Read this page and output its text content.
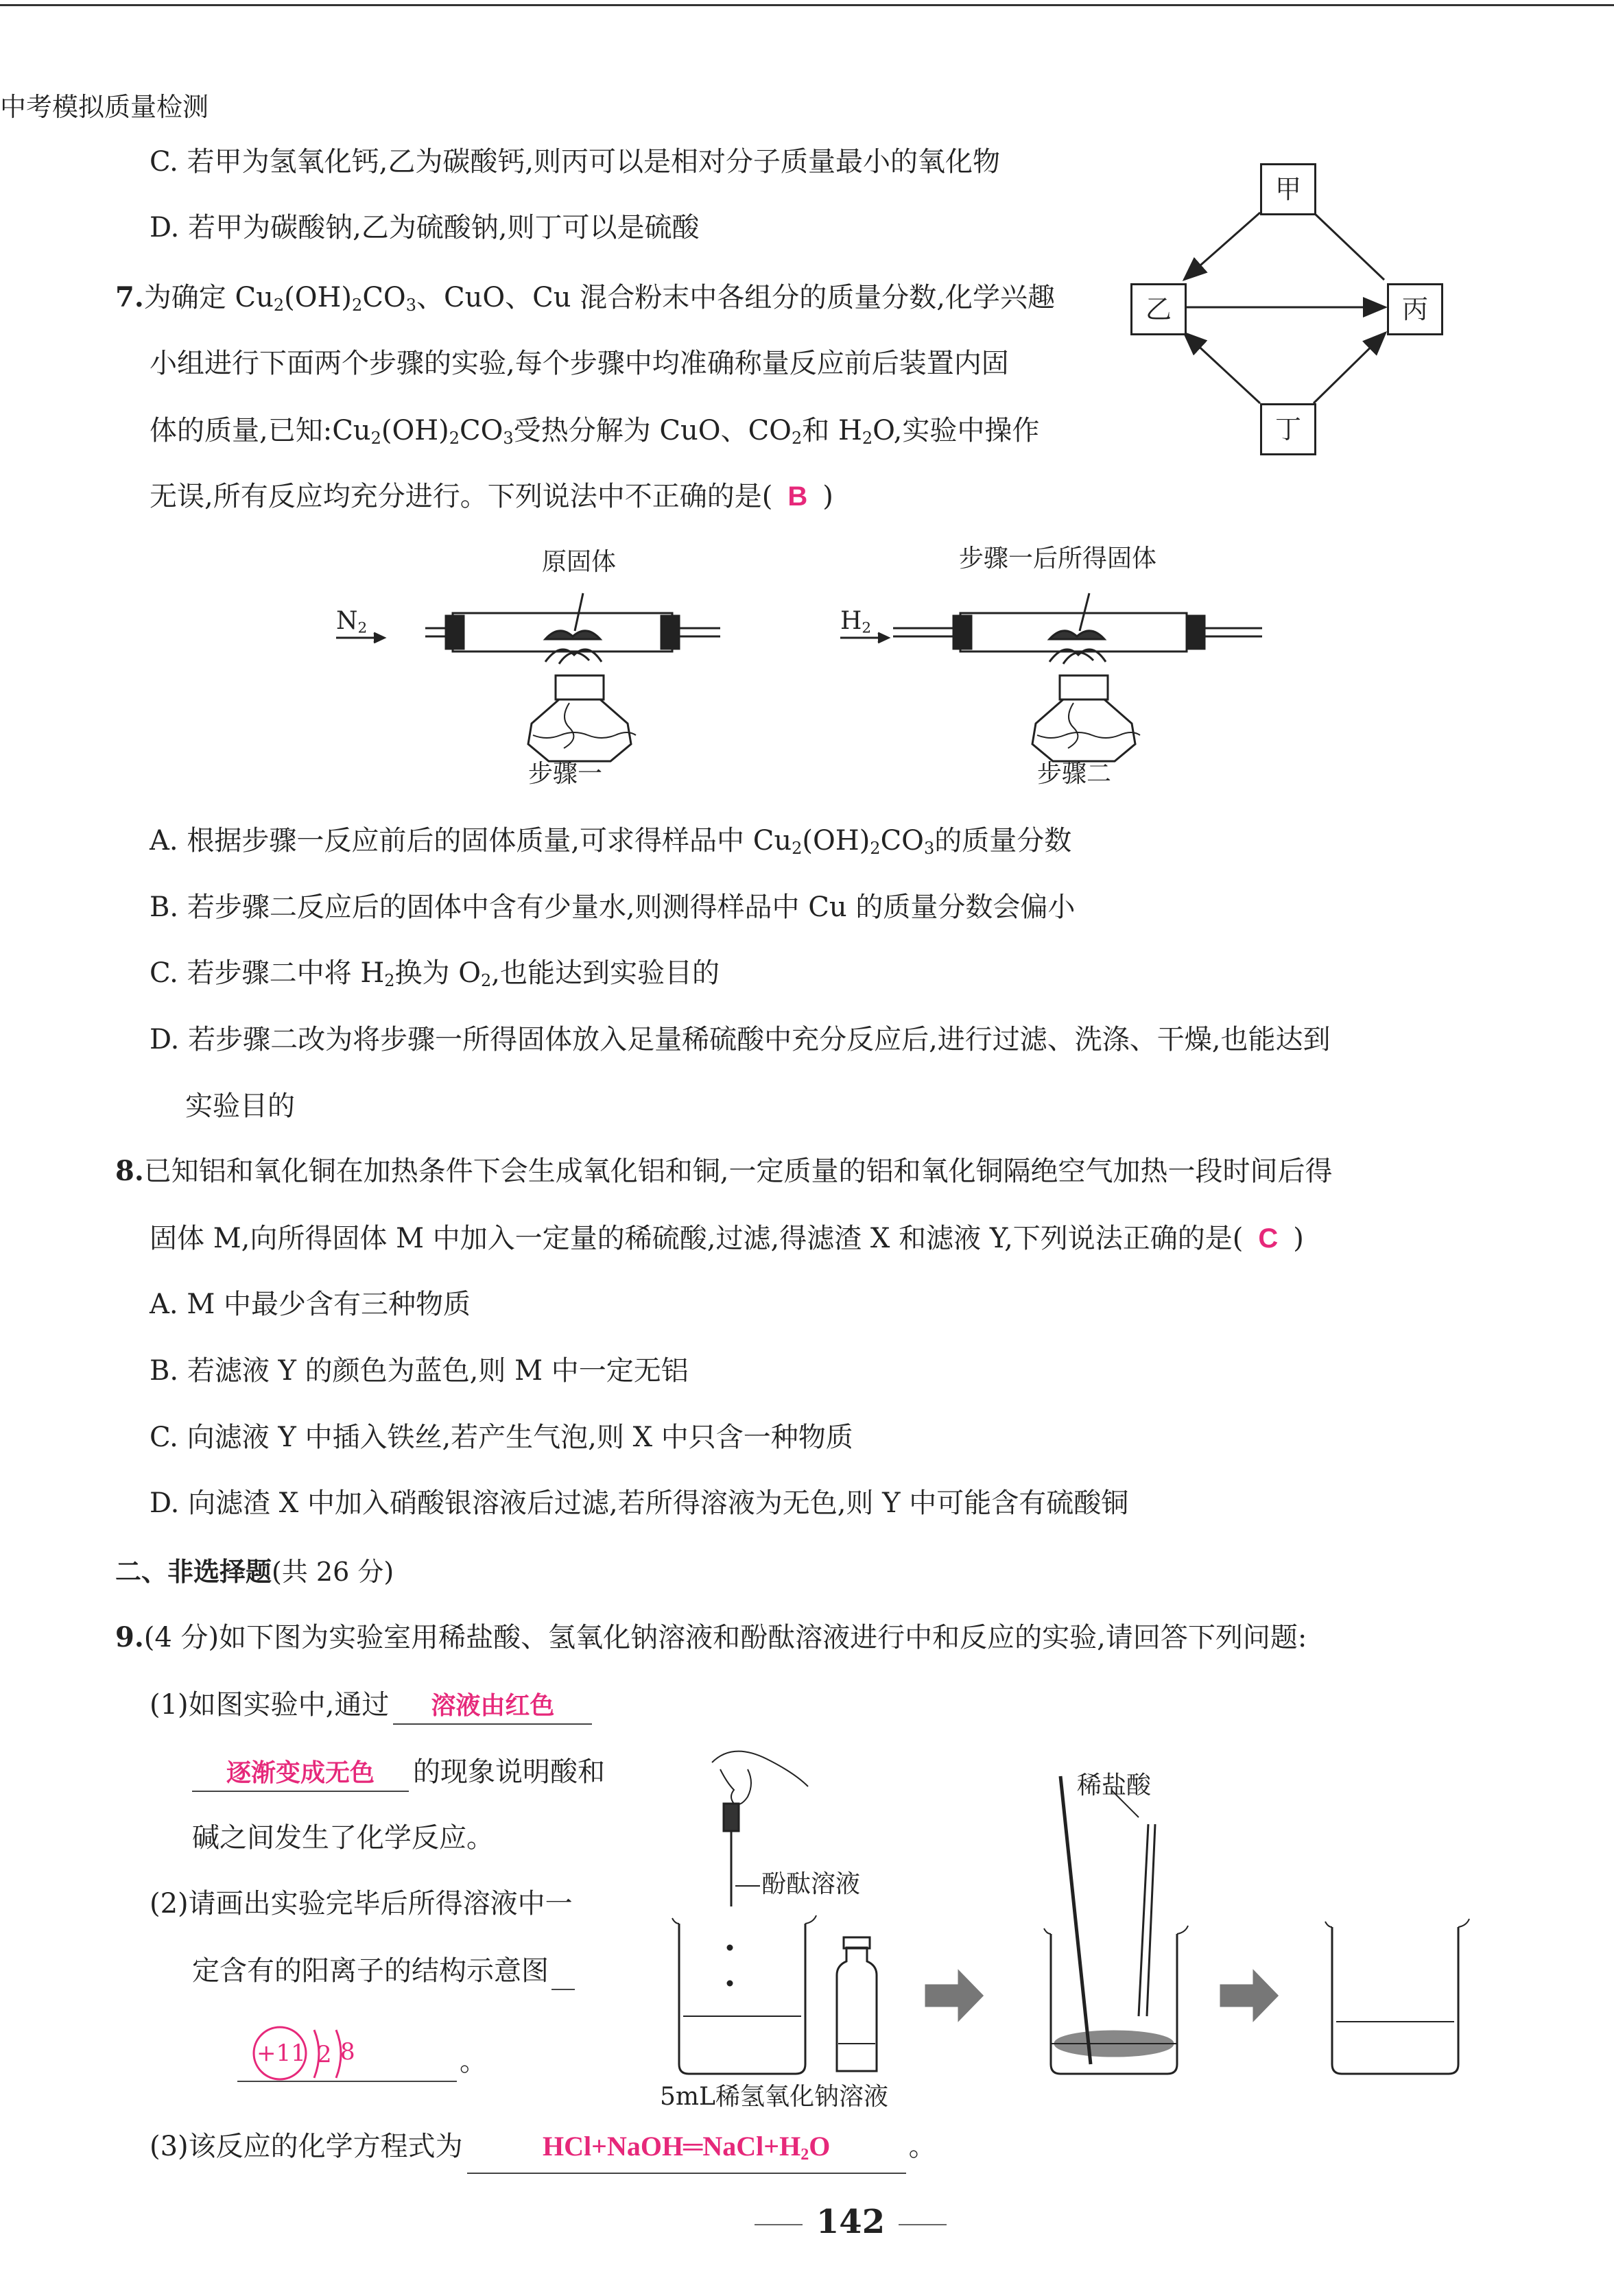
中考模拟质量检测
C. 若甲为氢氧化钙,乙为碳酸钙,则丙可以是相对分子质量最小的氧化物
D. 若甲为碳酸钠,乙为硫酸钠,则丁可以是硫酸
甲
乙	丙
丁
7.为确定 $Cu_2(OH)_2CO_3$、CuO、Cu 混合粉末中各组分的质量分数,化学兴趣
小组进行下面两个步骤的实验,每个步骤中均准确称量反应前后装置内固
体的质量,已知$:Cu_2(OH)_2CO_3$受热分解为 CuO、$CO_2$和 $H_2O$,实验中操作
无误,所有反应均充分进行。下列说法中不正确的是( B )
原固体
$N_2$
步骤一
步骤一后所得固体
$H_2$
步骤二
A. 根据步骤一反应前后的固体质量,可求得样品中 $Cu_2(OH)_2CO_3$的质量分数
B. 若步骤二反应后的固体中含有少量水,则测得样品中 Cu 的质量分数会偏小
C. 若步骤二中将 $H_2$换为 $O_2$,也能达到实验目的
D. 若步骤二改为将步骤一所得固体放入足量稀硫酸中充分反应后,进行过滤、洗涤、干燥,也能达到
实验目的
8.已知铝和氧化铜在加热条件下会生成氧化铝和铜,一定质量的铝和氧化铜隔绝空气加热一段时间后得
固体 M,向所得固体 M 中加入一定量的稀硫酸,过滤,得滤渣 X 和滤液 Y,下列说法正确的是( C )
A. M 中最少含有三种物质
B. 若滤液 Y 的颜色为蓝色,则 M 中一定无铝
C. 向滤液 Y 中插入铁丝,若产生气泡,则 X 中只含一种物质
D. 向滤渣 X 中加入硝酸银溶液后过滤,若所得溶液为无色,则 Y 中可能含有硫酸铜
二、非选择题(共 26 分)
9.(4 分)如下图为实验室用稀盐酸、氢氧化钠溶液和酚酞溶液进行中和反应的实验,请回答下列问题:
(1)如图实验中,通过 溶液由红色
逐渐变成无色 的现象说明酸和
碱之间发生了化学反应。
(2)请画出实验完毕后所得溶液中一
定含有的阳离子的结构示意图
+11 2 8	。
(3)该反应的化学方程式为	$HCl+NaOH═NaCl+H_2O$	。
酚酞溶液
稀盐酸
5mL稀氢氧化钠溶液
142
